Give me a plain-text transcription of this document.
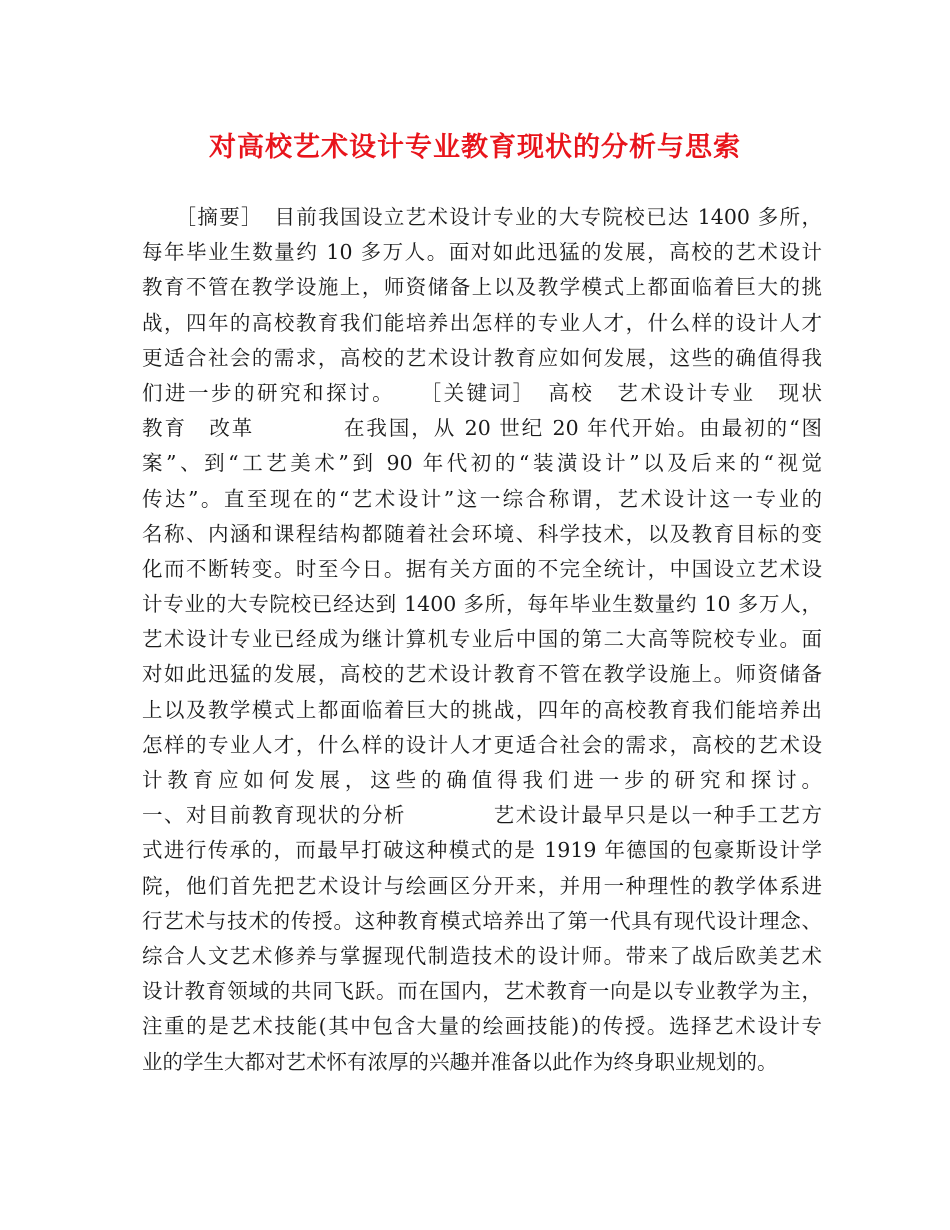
对高校艺术设计专业教育现状的分析与思索
　　［摘要］　目前我国设立艺术设计专业的大专院校已达 1400 多所，
每年毕业生数量约 10 多万人。面对如此迅猛的发展，高校的艺术设计
教育不管在教学设施上，师资储备上以及教学模式上都面临着巨大的挑
战，四年的高校教育我们能培养出怎样的专业人才，什么样的设计人才
更适合社会的需求，高校的艺术设计教育应如何发展，这些的确值得我
们进一步的研究和探讨。　　［关键词］　高校　艺术设计专业　现状
教育　改革　　　　在我国，从 20 世纪 20 年代开始。由最初的“图
案”、到“工艺美术”到 90 年代初的“装潢设计”以及后来的“视觉
传达”。直至现在的“艺术设计”这一综合称谓，艺术设计这一专业的
名称、内涵和课程结构都随着社会环境、科学技术，以及教育目标的变
化而不断转变。时至今日。据有关方面的不完全统计，中国设立艺术设
计专业的大专院校已经达到 1400 多所，每年毕业生数量约 10 多万人，
艺术设计专业已经成为继计算机专业后中国的第二大高等院校专业。面
对如此迅猛的发展，高校的艺术设计教育不管在教学设施上。师资储备
上以及教学模式上都面临着巨大的挑战，四年的高校教育我们能培养出
怎样的专业人才，什么样的设计人才更适合社会的需求，高校的艺术设
计教育应如何发展，这些的确值得我们进一步的研究和探讨。
一、对目前教育现状的分析　　　　艺术设计最早只是以一种手工艺方
式进行传承的，而最早打破这种模式的是 1919 年德国的包豪斯设计学
院，他们首先把艺术设计与绘画区分开来，并用一种理性的教学体系进
行艺术与技术的传授。这种教育模式培养出了第一代具有现代设计理念、
综合人文艺术修养与掌握现代制造技术的设计师。带来了战后欧美艺术
设计教育领域的共同飞跃。而在国内，艺术教育一向是以专业教学为主，
注重的是艺术技能(其中包含大量的绘画技能)的传授。选择艺术设计专
业的学生大都对艺术怀有浓厚的兴趣并准备以此作为终身职业规划的。
